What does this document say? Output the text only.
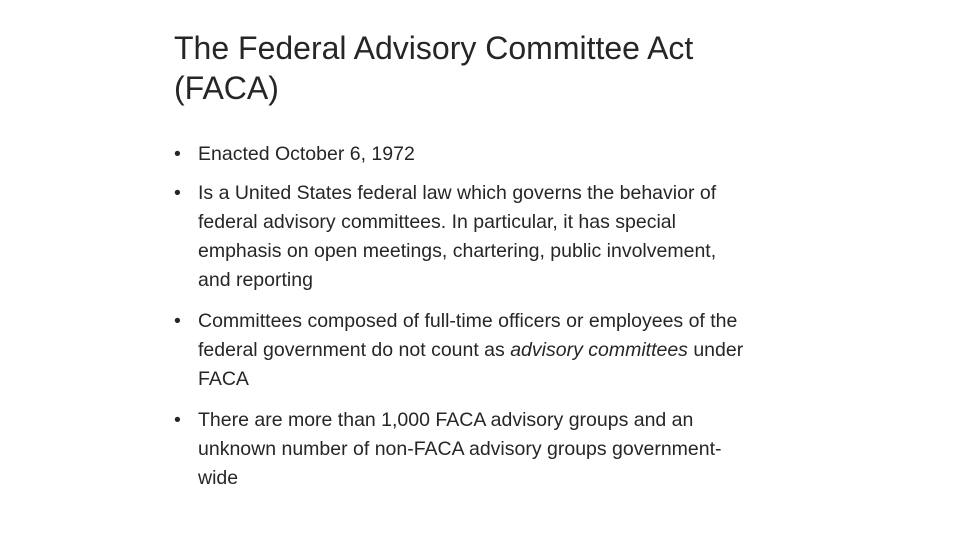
The Federal Advisory Committee Act
(FACA)
• Enacted October 6, 1972
• Is a United States federal law which governs the behavior of
federal advisory committees. In particular, it has special
emphasis on open meetings, chartering, public involvement,
and reporting
• Committees composed of full-time officers or employees of the
federal government do not count as advisory committees under
FACA
• There are more than 1,000 FACA advisory groups and an
unknown number of non-FACA advisory groups government-
wide
